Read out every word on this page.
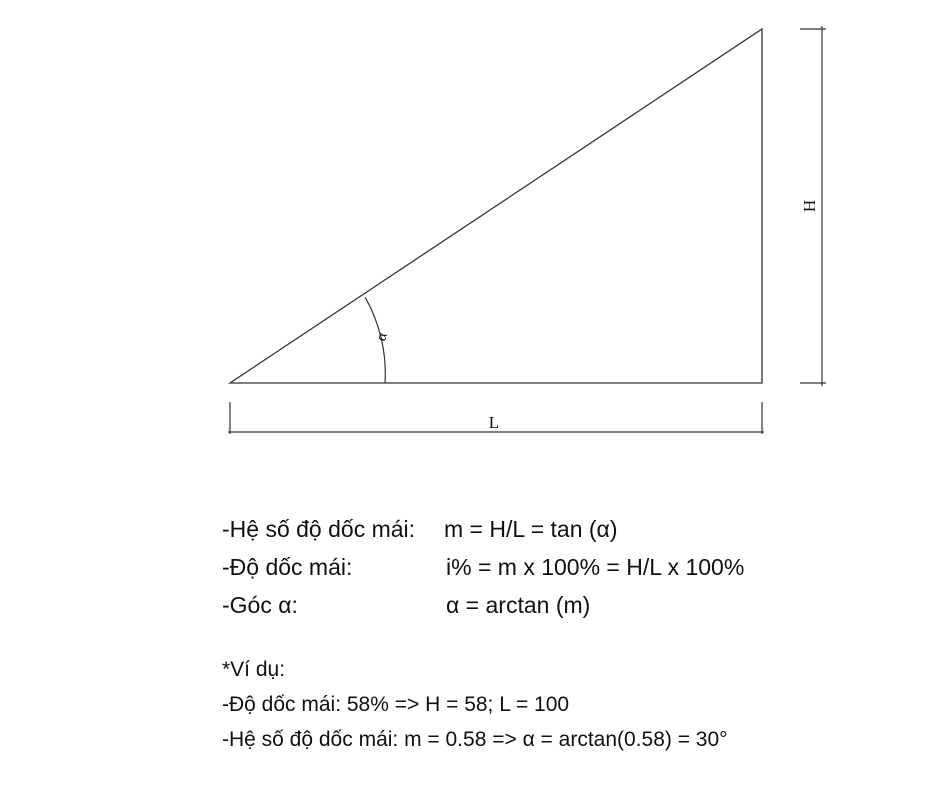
α
L
H
-Hệ số độ dốc mái:	m = H/L = tan (α)
-Độ dốc mái:	i% = m x 100% = H/L x 100%
-Góc α:	α = arctan (m)
*Ví dụ:
-Độ dốc mái: 58% => H = 58; L = 100
-Hệ số độ dốc mái: m = 0.58 => α = arctan(0.58) = 30°
